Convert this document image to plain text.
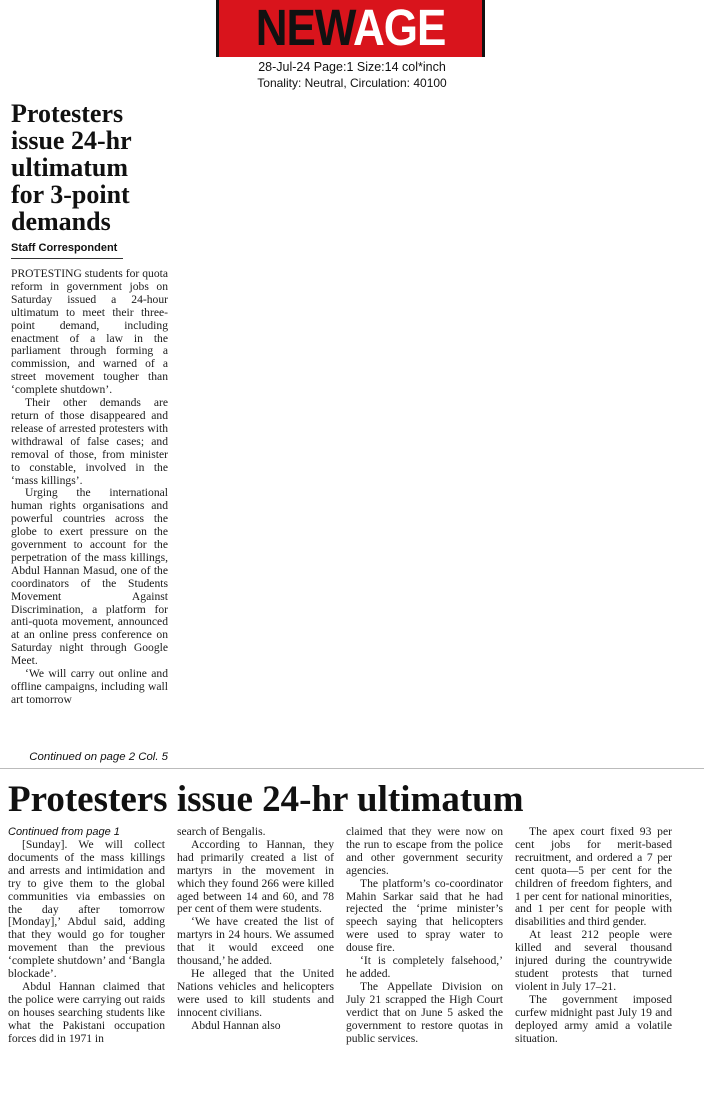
NEWAGE
28-Jul-24 Page:1 Size:14 col*inch
Tonality: Neutral, Circulation: 40100
Protesters issue 24-hr ultimatum for 3-point demands
Staff Correspondent

PROTESTING students for quota reform in government jobs on Saturday issued a 24-hour ultimatum to meet their three-point demand, including enactment of a law in the parliament through forming a commission, and warned of a street movement tougher than ‘complete shutdown’.

Their other demands are return of those disappeared and release of arrested protesters with withdrawal of false cases; and removal of those, from minister to constable, involved in the ‘mass killings’.

Urging the international human rights organisations and powerful countries across the globe to exert pressure on the government to account for the perpetration of the mass killings, Abdul Hannan Masud, one of the coordinators of the Students Movement Against Discrimination, a platform for anti-quota movement, announced at an online press conference on Saturday night through Google Meet.

‘We will carry out online and offline campaigns, including wall art tomorrow

Continued on page 2 Col. 5
Protesters issue 24-hr ultimatum
Continued from page 1

[Sunday]. We will collect documents of the mass killings and arrests and intimidation and try to give them to the global communities via embassies on the day after tomorrow [Monday],’ Abdul said, adding that they would go for tougher movement than the previous ‘complete shutdown’ and ‘Bangla blockade’.

Abdul Hannan claimed that the police were carrying out raids on houses searching students like what the Pakistani occupation forces did in 1971 in

search of Bengalis.

According to Hannan, they had primarily created a list of martyrs in the movement in which they found 266 were killed aged between 14 and 60, and 78 per cent of them were students.

‘We have created the list of martyrs in 24 hours. We assumed that it would exceed one thousand,’ he added.

He alleged that the United Nations vehicles and helicopters were used to kill students and innocent civilians.

Abdul Hannan also

claimed that they were now on the run to escape from the police and other government security agencies.

The platform’s co-coordinator Mahin Sarkar said that he had rejected the ‘prime minister’s speech saying that helicopters were used to spray water to douse fire.

‘It is completely falsehood,’ he added.

The Appellate Division on July 21 scrapped the High Court verdict that on June 5 asked the government to restore quotas in public services.

The apex court fixed 93 per cent jobs for merit-based recruitment, and ordered a 7 per cent quota—5 per cent for the children of freedom fighters, and 1 per cent for national minorities, and 1 per cent for people with disabilities and third gender.

At least 212 people were killed and several thousand injured during the countrywide student protests that turned violent in July 17–21.

The government imposed curfew midnight past July 19 and deployed army amid a volatile situation.
